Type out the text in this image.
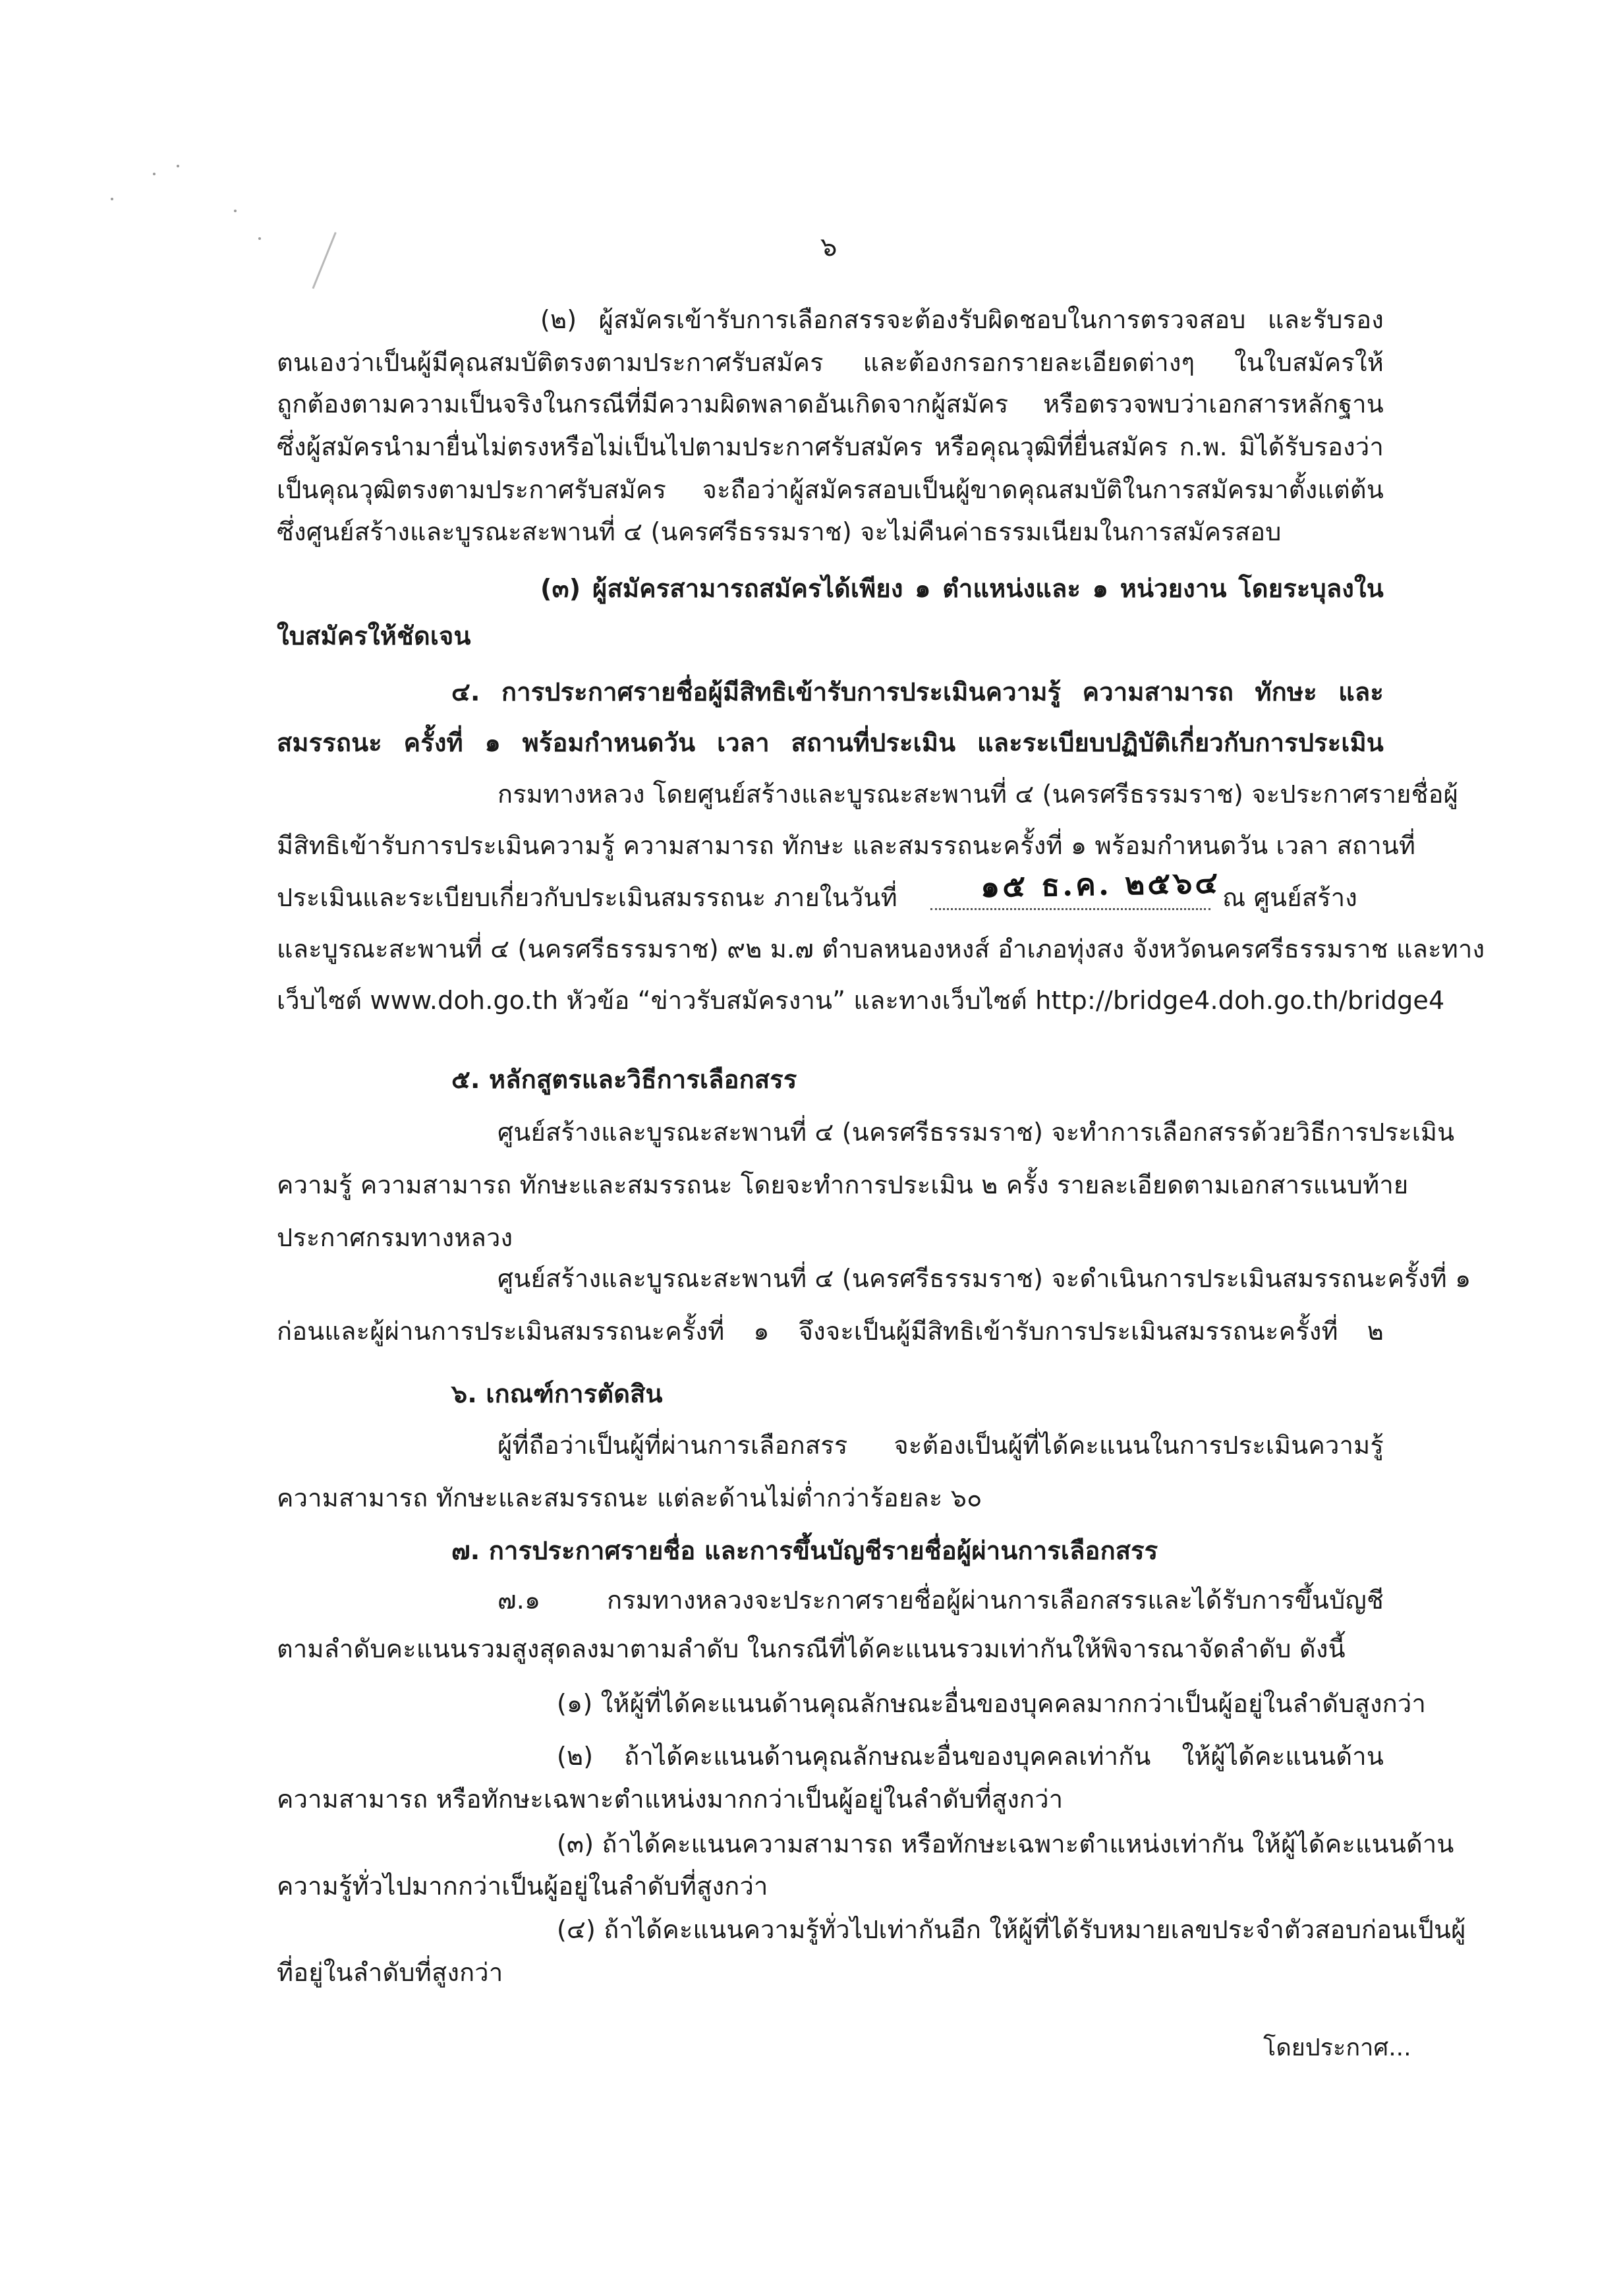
๖

(๒) ผู้สมัครเข้ารับการเลือกสรรจะต้องรับผิดชอบในการตรวจสอบ และรับรอง

ตนเองว่าเป็นผู้มีคุณสมบัติตรงตามประกาศรับสมัคร และต้องกรอกรายละเอียดต่างๆ ในใบสมัครให้

ถูกต้องตามความเป็นจริงในกรณีที่มีความผิดพลาดอันเกิดจากผู้สมัคร หรือตรวจพบว่าเอกสารหลักฐาน

ซึ่งผู้สมัครนำมายื่นไม่ตรงหรือไม่เป็นไปตามประกาศรับสมัคร หรือคุณวุฒิที่ยื่นสมัคร ก.พ. มิได้รับรองว่า

เป็นคุณวุฒิตรงตามประกาศรับสมัคร จะถือว่าผู้สมัครสอบเป็นผู้ขาดคุณสมบัติในการสมัครมาตั้งแต่ต้น

ซึ่งศูนย์สร้างและบูรณะสะพานที่ ๔ (นครศรีธรรมราช) จะไม่คืนค่าธรรมเนียมในการสมัครสอบ

(๓) ผู้สมัครสามารถสมัครได้เพียง ๑ ตำแหน่งและ ๑ หน่วยงาน โดยระบุลงใน

ใบสมัครให้ชัดเจน

๔. การประกาศรายชื่อผู้มีสิทธิเข้ารับการประเมินความรู้ ความสามารถ ทักษะ และ

สมรรถนะ ครั้งที่ ๑ พร้อมกำหนดวัน เวลา สถานที่ประเมิน และระเบียบปฏิบัติเกี่ยวกับการประเมิน

กรมทางหลวง โดยศูนย์สร้างและบูรณะสะพานที่ ๔ (นครศรีธรรมราช) จะประกาศรายชื่อผู้

มีสิทธิเข้ารับการประเมินความรู้ ความสามารถ ทักษะ และสมรรถนะครั้งที่ ๑ พร้อมกำหนดวัน เวลา สถานที่

ประเมินและระเบียบเกี่ยวกับประเมินสมรรถนะ ภายในวันที่	๑๕ ธ.ค. ๒๕๖๔ ณ ศูนย์สร้าง

และบูรณะสะพานที่ ๔ (นครศรีธรรมราช) ๙๒ ม.๗ ตำบลหนองหงส์ อำเภอทุ่งสง จังหวัดนครศรีธรรมราช และทาง

เว็บไซต์ www.doh.go.th หัวข้อ “ข่าวรับสมัครงาน” และทางเว็บไซต์ http://bridge4.doh.go.th/bridge4

๕. หลักสูตรและวิธีการเลือกสรร

ศูนย์สร้างและบูรณะสะพานที่ ๔ (นครศรีธรรมราช) จะทำการเลือกสรรด้วยวิธีการประเมิน

ความรู้ ความสามารถ ทักษะและสมรรถนะ โดยจะทำการประเมิน ๒ ครั้ง รายละเอียดตามเอกสารแนบท้าย

ประกาศกรมทางหลวง

ศูนย์สร้างและบูรณะสะพานที่ ๔ (นครศรีธรรมราช) จะดำเนินการประเมินสมรรถนะครั้งที่ ๑

ก่อนและผู้ผ่านการประเมินสมรรถนะครั้งที่ ๑ จึงจะเป็นผู้มีสิทธิเข้ารับการประเมินสมรรถนะครั้งที่ ๒

๖. เกณฑ์การตัดสิน

ผู้ที่ถือว่าเป็นผู้ที่ผ่านการเลือกสรร จะต้องเป็นผู้ที่ได้คะแนนในการประเมินความรู้

ความสามารถ ทักษะและสมรรถนะ แต่ละด้านไม่ต่ำกว่าร้อยละ ๖๐

๗. การประกาศรายชื่อ และการขึ้นบัญชีรายชื่อผู้ผ่านการเลือกสรร

๗.๑ กรมทางหลวงจะประกาศรายชื่อผู้ผ่านการเลือกสรรและได้รับการขึ้นบัญชี

ตามลำดับคะแนนรวมสูงสุดลงมาตามลำดับ ในกรณีที่ได้คะแนนรวมเท่ากันให้พิจารณาจัดลำดับ ดังนี้

(๑) ให้ผู้ที่ได้คะแนนด้านคุณลักษณะอื่นของบุคคลมากกว่าเป็นผู้อยู่ในลำดับสูงกว่า

(๒) ถ้าได้คะแนนด้านคุณลักษณะอื่นของบุคคลเท่ากัน ให้ผู้ได้คะแนนด้าน

ความสามารถ หรือทักษะเฉพาะตำแหน่งมากกว่าเป็นผู้อยู่ในลำดับที่สูงกว่า

(๓) ถ้าได้คะแนนความสามารถ หรือทักษะเฉพาะตำแหน่งเท่ากัน ให้ผู้ได้คะแนนด้าน

ความรู้ทั่วไปมากกว่าเป็นผู้อยู่ในลำดับที่สูงกว่า

(๔) ถ้าได้คะแนนความรู้ทั่วไปเท่ากันอีก ให้ผู้ที่ได้รับหมายเลขประจำตัวสอบก่อนเป็นผู้

ที่อยู่ในลำดับที่สูงกว่า

โดยประกาศ...
